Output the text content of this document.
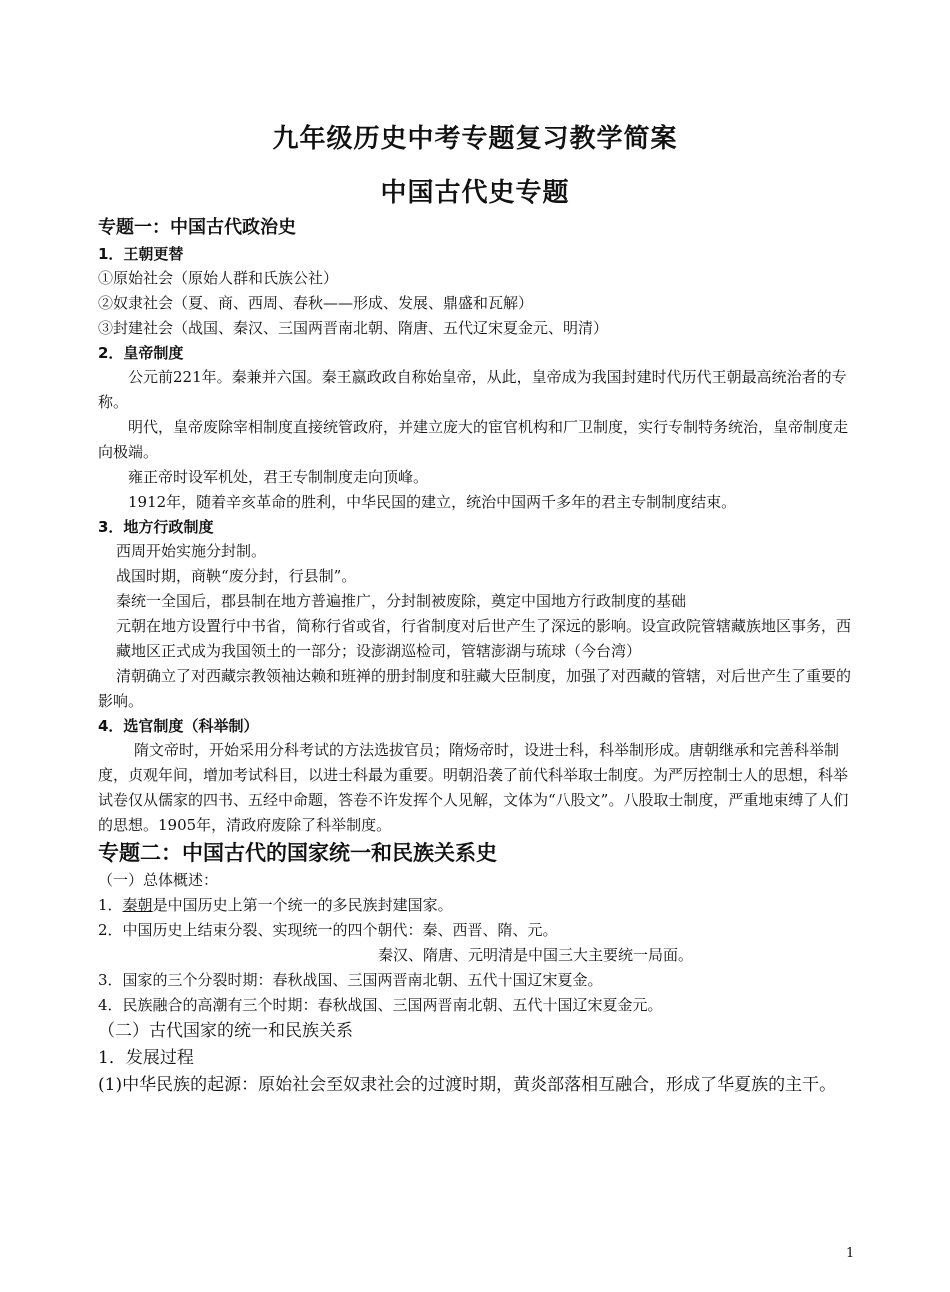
九年级历史中考专题复习教学简案
中国古代史专题
专题一：中国古代政治史
1．王朝更替

①原始社会（原始人群和氏族公社）

②奴隶社会（夏、商、西周、春秋——形成、发展、鼎盛和瓦解）

③封建社会（战国、秦汉、三国两晋南北朝、隋唐、五代辽宋夏金元、明清）

2．皇帝制度

公元前221年。秦兼并六国。秦王嬴政政自称始皇帝，从此，皇帝成为我国封建时代历代王朝最高统治者的专称。

明代，皇帝废除宰相制度直接统管政府，并建立庞大的宦官机构和厂卫制度，实行专制特务统治，皇帝制度走向极端。

雍正帝时设军机处，君王专制制度走向顶峰。

1912年，随着辛亥革命的胜利，中华民国的建立，统治中国两千多年的君主专制制度结束。

3．地方行政制度

西周开始实施分封制。

战国时期，商鞅“废分封，行县制”。

秦统一全国后，郡县制在地方普遍推广，分封制被废除，奠定中国地方行政制度的基础

元朝在地方设置行中书省，简称行省或省，行省制度对后世产生了深远的影响。设宣政院管辖藏族地区事务，西藏地区正式成为我国领土的一部分；设澎湖巡检司，管辖澎湖与琉球（今台湾）

清朝确立了对西藏宗教领袖达赖和班禅的册封制度和驻藏大臣制度，加强了对西藏的管辖，对后世产生了重要的影响。

4．选官制度（科举制）

隋文帝时，开始采用分科考试的方法选拔官员；隋炀帝时，设进士科，科举制形成。唐朝继承和完善科举制度，贞观年间，增加考试科目，以进士科最为重要。明朝沿袭了前代科举取士制度。为严厉控制士人的思想，科举试卷仅从儒家的四书、五经中命题，答卷不许发挥个人见解，文体为“八股文”。八股取士制度，严重地束缚了人们的思想。1905年，清政府废除了科举制度。

专题二：中国古代的国家统一和民族关系史

（一）总体概述：

1．秦朝是中国历史上第一个统一的多民族封建国家。

2．中国历史上结束分裂、实现统一的四个朝代：秦、西晋、隋、元。

秦汉、隋唐、元明清是中国三大主要统一局面。

3．国家的三个分裂时期：春秋战国、三国两晋南北朝、五代十国辽宋夏金。

4．民族融合的高潮有三个时期：春秋战国、三国两晋南北朝、五代十国辽宋夏金元。

（二）古代国家的统一和民族关系

1．发展过程

(1)中华民族的起源：原始社会至奴隶社会的过渡时期，黄炎部落相互融合，形成了华夏族的主干。

1
